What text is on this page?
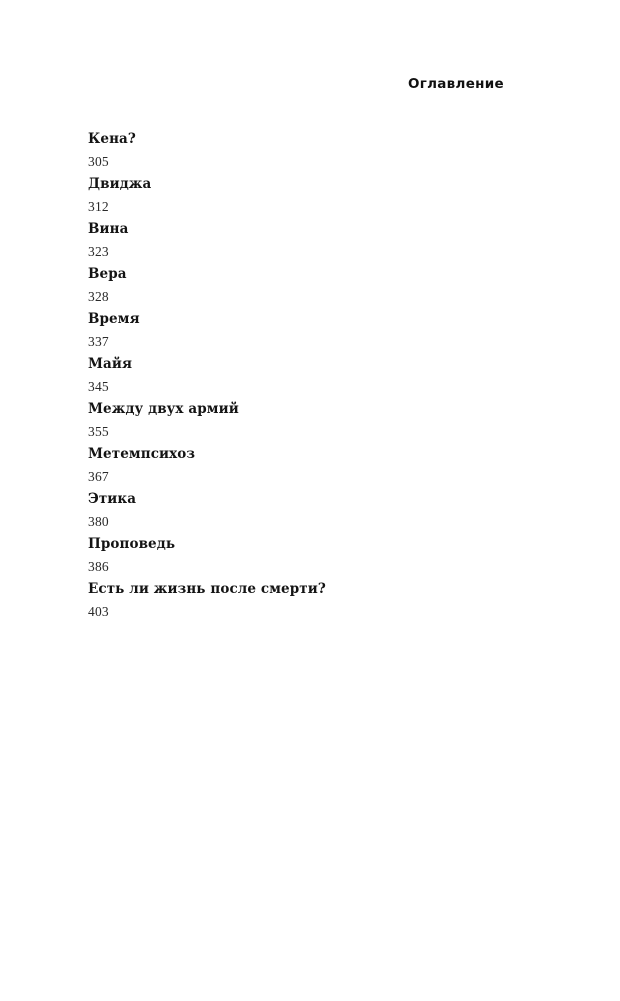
Оглавление
Кена?
305
Двиджа
312
Вина
323
Вера
328
Время
337
Майя
345
Между двух армий
355
Метемпсихоз
367
Этика
380
Проповедь
386
Есть ли жизнь после смерти?
403
